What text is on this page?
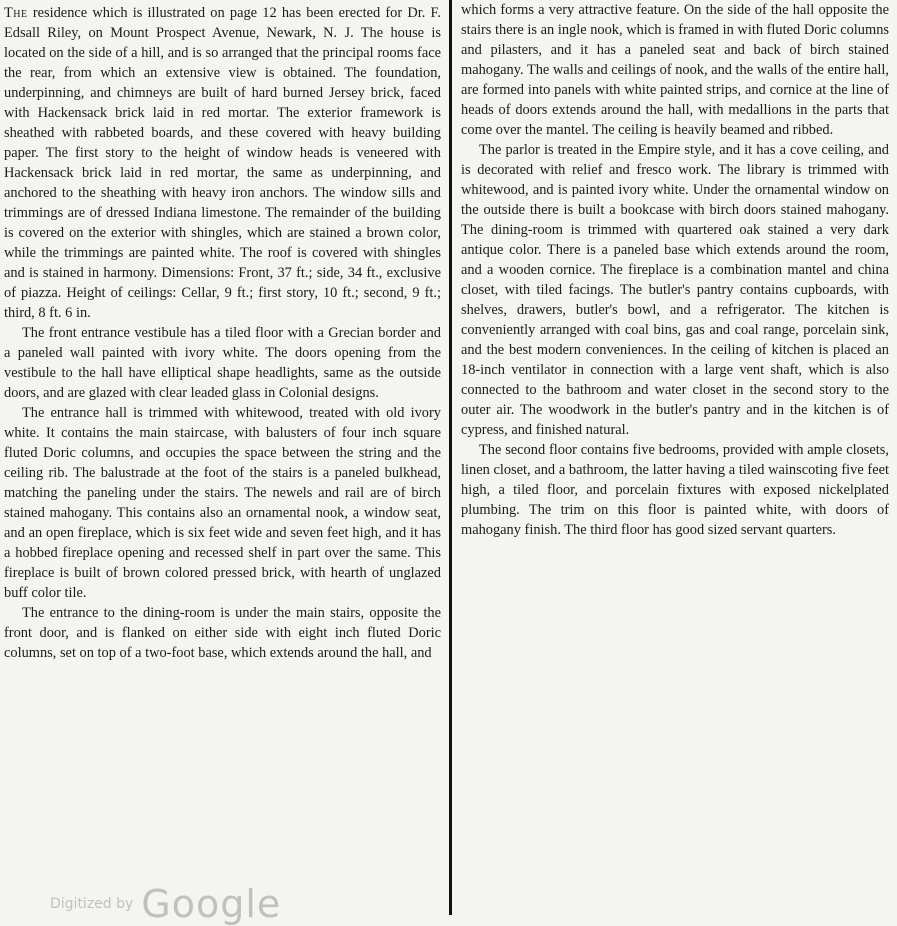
The residence which is illustrated on page 12 has been erected for Dr. F. Edsall Riley, on Mount Prospect Avenue, Newark, N. J. The house is located on the side of a hill, and is so arranged that the principal rooms face the rear, from which an extensive view is obtained. The foundation, underpinning, and chimneys are built of hard burned Jersey brick, faced with Hackensack brick laid in red mortar. The exterior framework is sheathed with rabbeted boards, and these covered with heavy building paper. The first story to the height of window heads is veneered with Hackensack brick laid in red mortar, the same as underpinning, and anchored to the sheathing with heavy iron anchors. The window sills and trimmings are of dressed Indiana limestone. The remainder of the building is covered on the exterior with shingles, which are stained a brown color, while the trimmings are painted white. The roof is covered with shingles and is stained in harmony. Dimensions: Front, 37 ft.; side, 34 ft., exclusive of piazza. Height of ceilings: Cellar, 9 ft.; first story, 10 ft.; second, 9 ft.; third, 8 ft. 6 in.

The front entrance vestibule has a tiled floor with a Grecian border and a paneled wall painted with ivory white. The doors opening from the vestibule to the hall have elliptical shape headlights, same as the outside doors, and are glazed with clear leaded glass in Colonial designs.

The entrance hall is trimmed with whitewood, treated with old ivory white. It contains the main staircase, with balusters of four inch square fluted Doric columns, and occupies the space between the string and the ceiling rib. The balustrade at the foot of the stairs is a paneled bulkhead, matching the paneling under the stairs. The newels and rail are of birch stained mahogany. This contains also an ornamental nook, a window seat, and an open fireplace, which is six feet wide and seven feet high, and it has a hobbed fireplace opening and recessed shelf in part over the same. This fireplace is built of brown colored pressed brick, with hearth of unglazed buff color tile.

The entrance to the dining-room is under the main stairs, opposite the front door, and is flanked on either side with eight inch fluted Doric columns, set on top of a two-foot base, which extends around the hall, and

which forms a very attractive feature. On the side of the hall opposite the stairs there is an ingle nook, which is framed in with fluted Doric columns and pilasters, and it has a paneled seat and back of birch stained mahogany. The walls and ceilings of nook, and the walls of the entire hall, are formed into panels with white painted strips, and cornice at the line of heads of doors extends around the hall, with medallions in the parts that come over the mantel. The ceiling is heavily beamed and ribbed.

The parlor is treated in the Empire style, and it has a cove ceiling, and is decorated with relief and fresco work. The library is trimmed with whitewood, and is painted ivory white. Under the ornamental window on the outside there is built a bookcase with birch doors stained mahogany. The dining-room is trimmed with quartered oak stained a very dark antique color. There is a paneled base which extends around the room, and a wooden cornice. The fireplace is a combination mantel and china closet, with tiled facings. The butler's pantry contains cupboards, with shelves, drawers, butler's bowl, and a refrigerator. The kitchen is conveniently arranged with coal bins, gas and coal range, porcelain sink, and the best modern conveniences. In the ceiling of kitchen is placed an 18-inch ventilator in connection with a large vent shaft, which is also connected to the bathroom and water closet in the second story to the outer air. The woodwork in the butler's pantry and in the kitchen is of cypress, and finished natural.

The second floor contains five bedrooms, provided with ample closets, linen closet, and a bathroom, the latter having a tiled wainscoting five feet high, a tiled floor, and porcelain fixtures with exposed nickelplated plumbing. The trim on this floor is painted white, with doors of mahogany finish. The third floor has good sized servant quarters.

Digitized by Google
